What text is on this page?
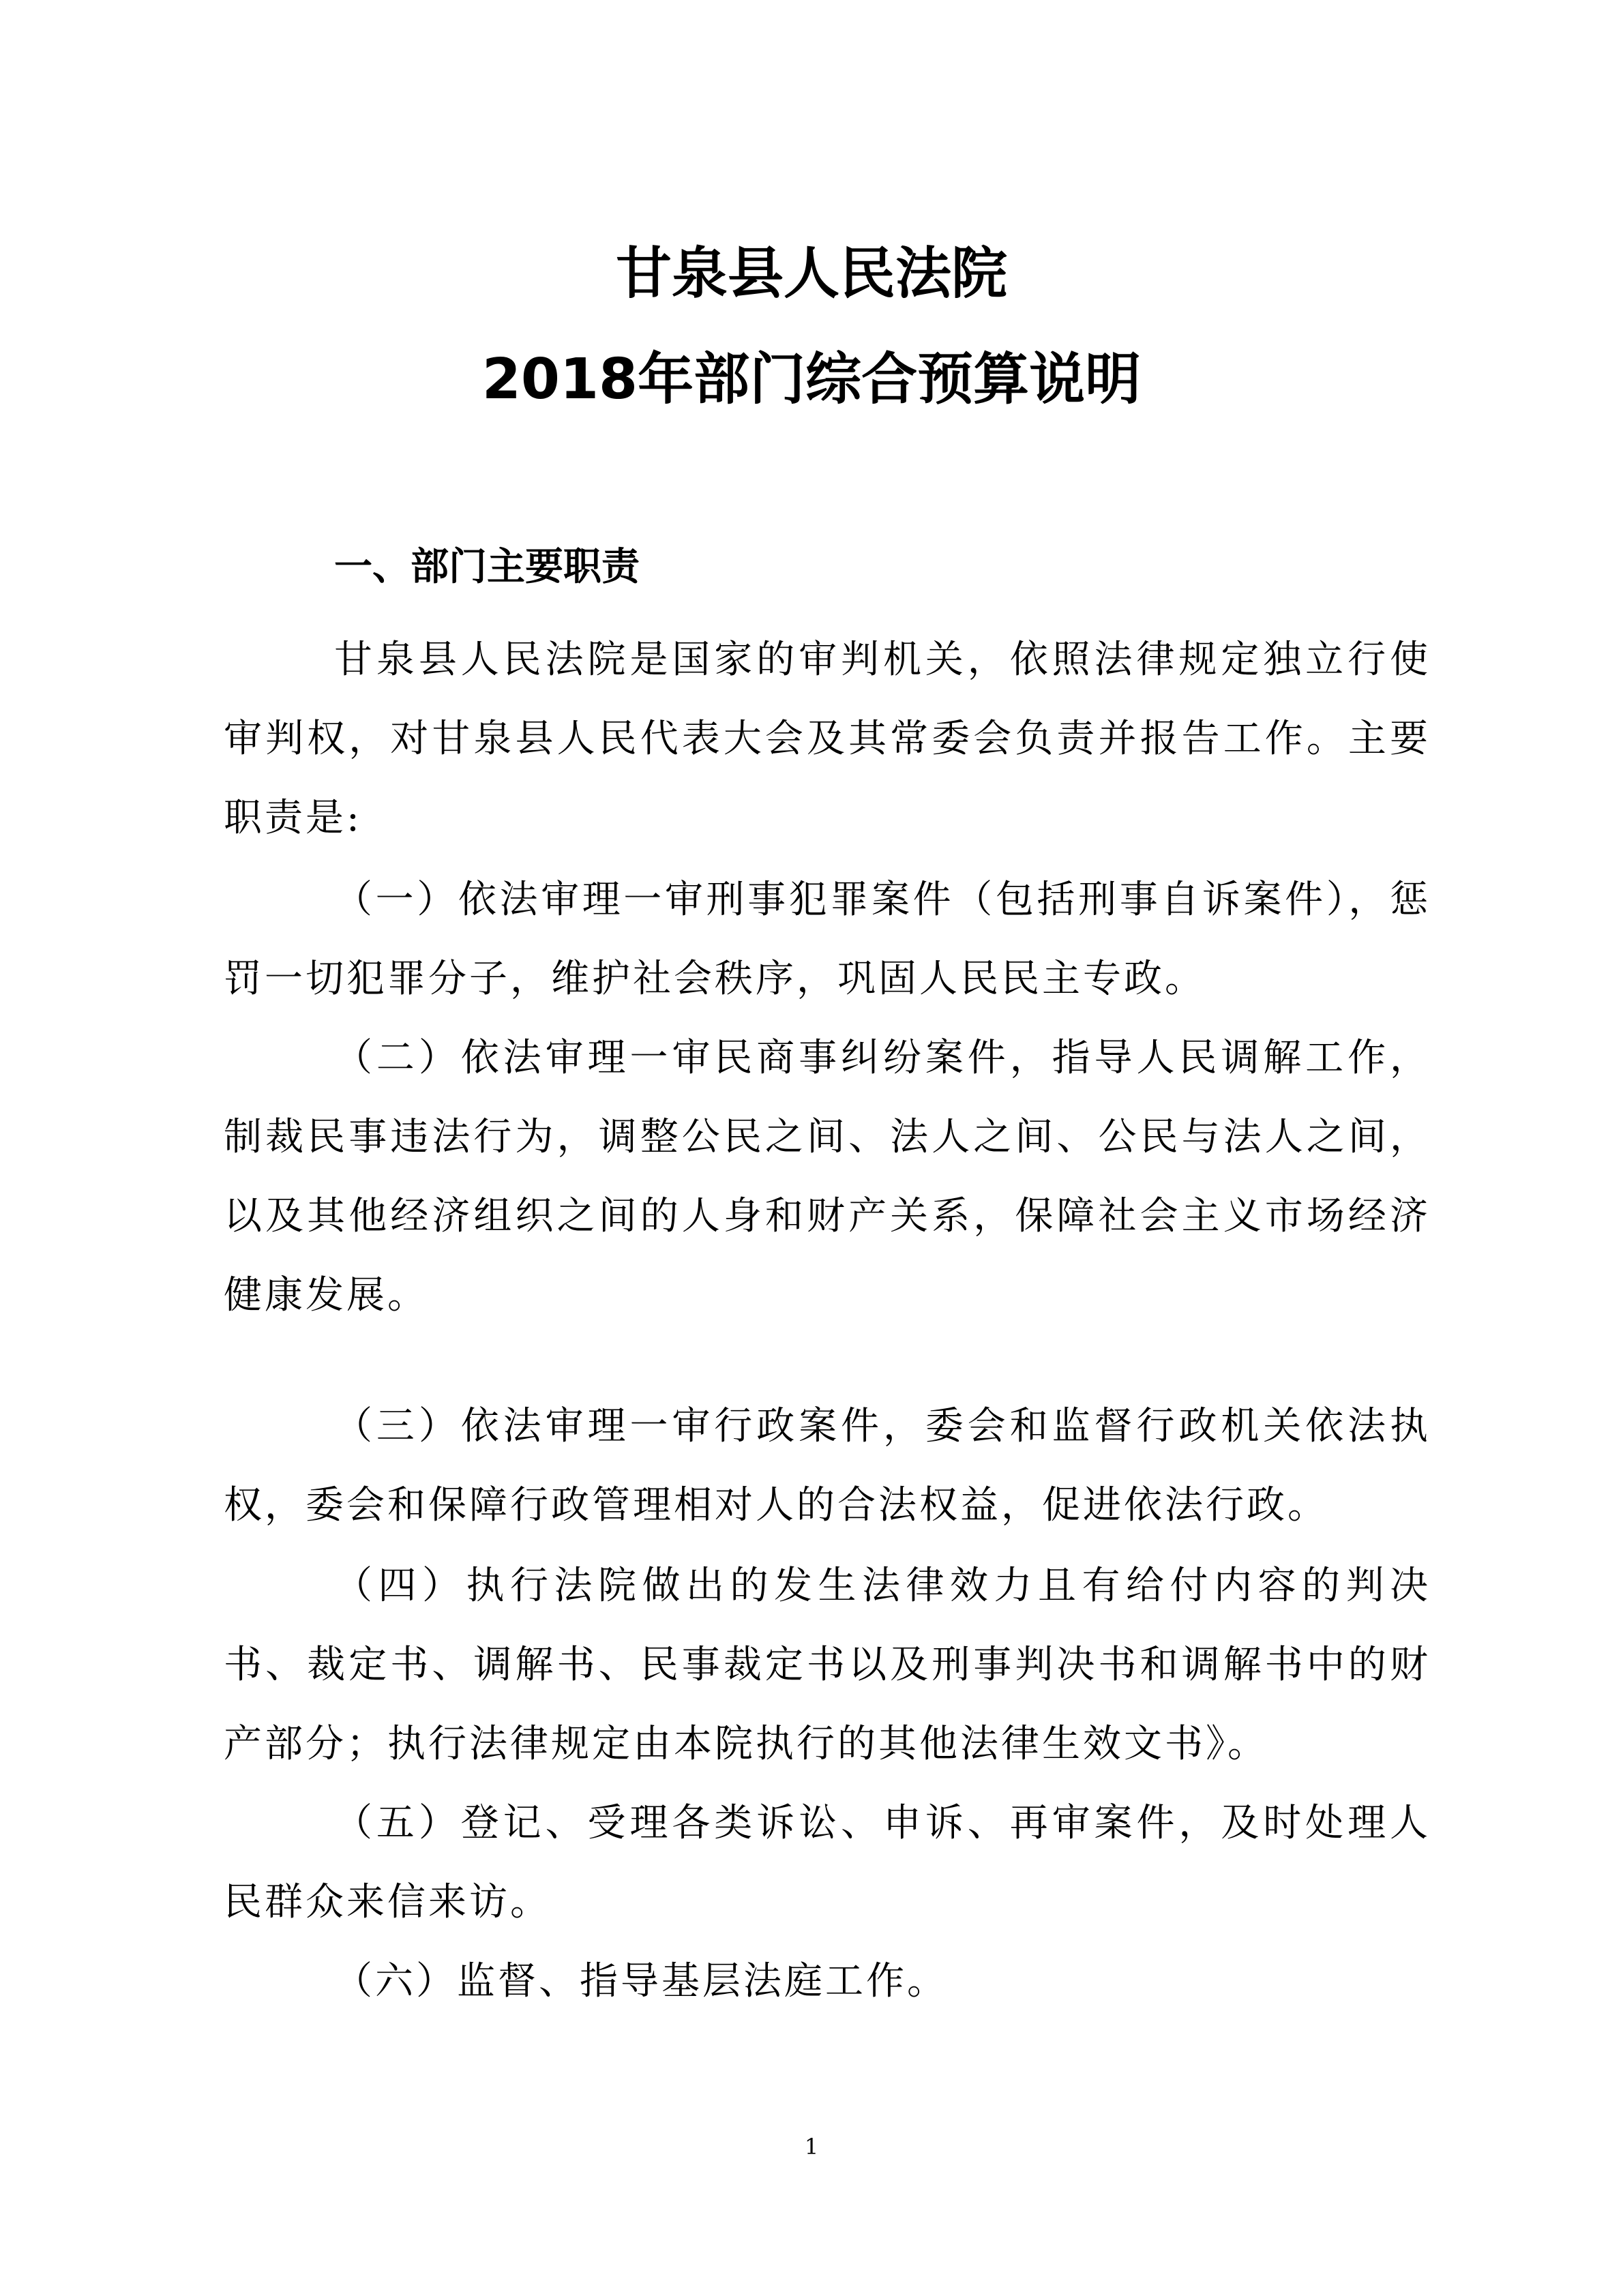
甘泉县人民法院
2018年部门综合预算说明
一、部门主要职责

甘泉县人民法院是国家的审判机关，依照法律规定独立行使审判权，对甘泉县人民代表大会及其常委会负责并报告工作。主要职责是:

（一）依法审理一审刑事犯罪案件（包括刑事自诉案件），惩罚一切犯罪分子，维护社会秩序，巩固人民民主专政。

（二）依法审理一审民商事纠纷案件，指导人民调解工作，制裁民事违法行为，调整公民之间、法人之间、公民与法人之间，以及其他经济组织之间的人身和财产关系，保障社会主义市场经济健康发展。

（三）依法审理一审行政案件，委会和监督行政机关依法执权，委会和保障行政管理相对人的合法权益，促进依法行政。

（四）执行法院做出的发生法律效力且有给付内容的判决书、裁定书、调解书、民事裁定书以及刑事判决书和调解书中的财产部分；执行法律规定由本院执行的其他法律生效文书》。

（五）登记、受理各类诉讼、申诉、再审案件，及时处理人民群众来信来访。

（六）监督、指导基层法庭工作。

1
